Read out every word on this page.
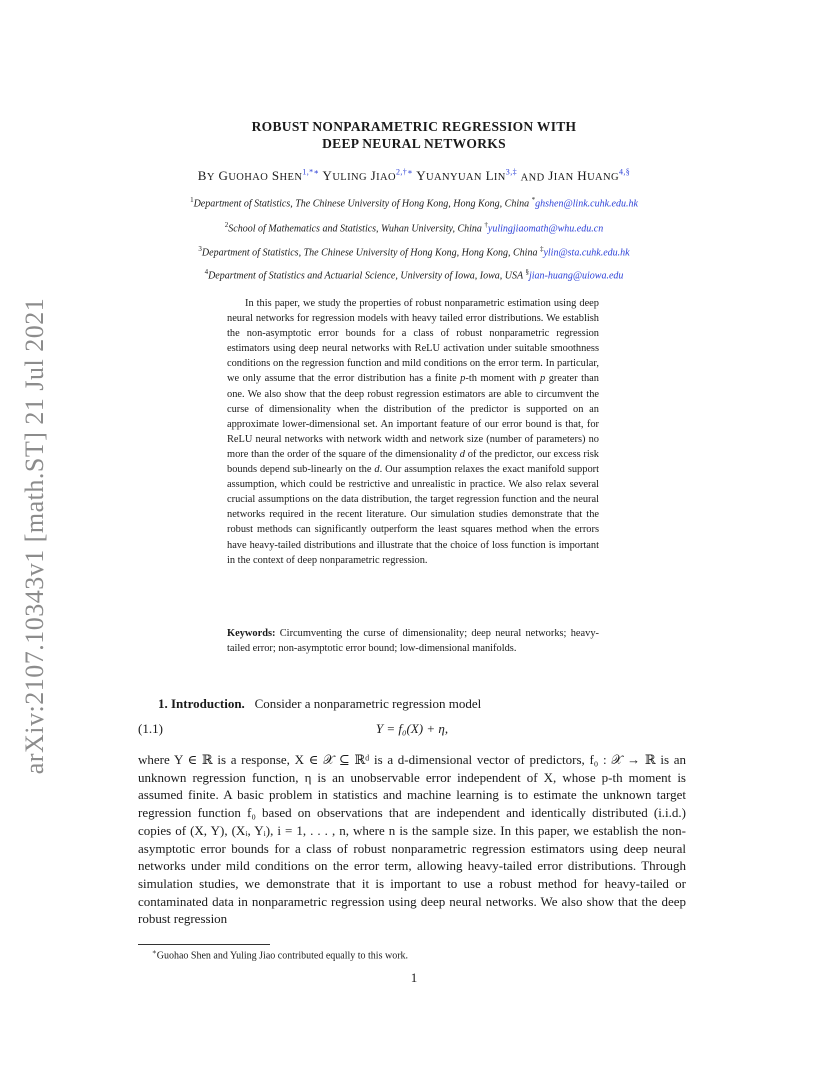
arXiv:2107.10343v1 [math.ST] 21 Jul 2021
ROBUST NONPARAMETRIC REGRESSION WITH
DEEP NEURAL NETWORKS
BY GUOHAO $SHEN^{1,*∗}$ YULING $JIAO^{2,\dagger∗}$ YUANYUAN $LIN^{3,\ddagger}$ AND JIAN $HUANG^{4,\S}$
$^1$Department of Statistics, The Chinese University of Hong Kong, Hong Kong, China *ghshen@link.cuhk.edu.hk
$^2$School of Mathematics and Statistics, Wuhan University, China †yulingjiaomath@whu.edu.cn
$^3$Department of Statistics, The Chinese University of Hong Kong, Hong Kong, China ‡ylin@sta.cuhk.edu.hk
$^4$Department of Statistics and Actuarial Science, University of Iowa, Iowa, USA §jian-huang@uiowa.edu

In this paper, we study the properties of robust nonparametric estimation using deep neural networks for regression models with heavy tailed error distributions. We establish the non-asymptotic error bounds for a class of robust nonparametric regression estimators using deep neural networks with ReLU activation under suitable smoothness conditions on the regression function and mild conditions on the error term. In particular, we only assume that the error distribution has a finite p-th moment with p greater than one. We also show that the deep robust regression estimators are able to circumvent the curse of dimensionality when the distribution of the predictor is supported on an approximate lower-dimensional set. An important feature of our error bound is that, for ReLU neural networks with network width and network size (number of parameters) no more than the order of the square of the dimensionality d of the predictor, our excess risk bounds depend sub-linearly on the d. Our assumption relaxes the exact manifold support assumption, which could be restrictive and unrealistic in practice. We also relax several crucial assumptions on the data distribution, the target regression function and the neural networks required in the recent literature. Our simulation studies demonstrate that the robust methods can significantly outperform the least squares method when the errors have heavy-tailed distributions and illustrate that the choice of loss function is important in the context of deep nonparametric regression.

Keywords: Circumventing the curse of dimensionality; deep neural networks; heavy-tailed error; non-asymptotic error bound; low-dimensional manifolds.
1. Introduction. Consider a nonparametric regression model
(1.1)	Y = f₀(X) + η,

where Y ∈ ℝ is a response, X ∈ 𝒳 ⊆ ℝᵈ is a d-dimensional vector of predictors, f₀ : 𝒳 → ℝ is an unknown regression function, η is an unobservable error independent of X, whose p-th moment is assumed finite. A basic problem in statistics and machine learning is to estimate the unknown target regression function f₀ based on observations that are independent and identically distributed (i.i.d.) copies of (X, Y), (Xᵢ, Yᵢ), i = 1, . . . , n, where n is the sample size. In this paper, we establish the non-asymptotic error bounds for a class of robust nonparametric regression estimators using deep neural networks under mild conditions on the error term, allowing heavy-tailed error distributions. Through simulation studies, we demonstrate that it is important to use a robust method for heavy-tailed or contaminated data in nonparametric regression using deep neural networks. We also show that the deep robust regression

∗Guohao Shen and Yuling Jiao contributed equally to this work.
1
